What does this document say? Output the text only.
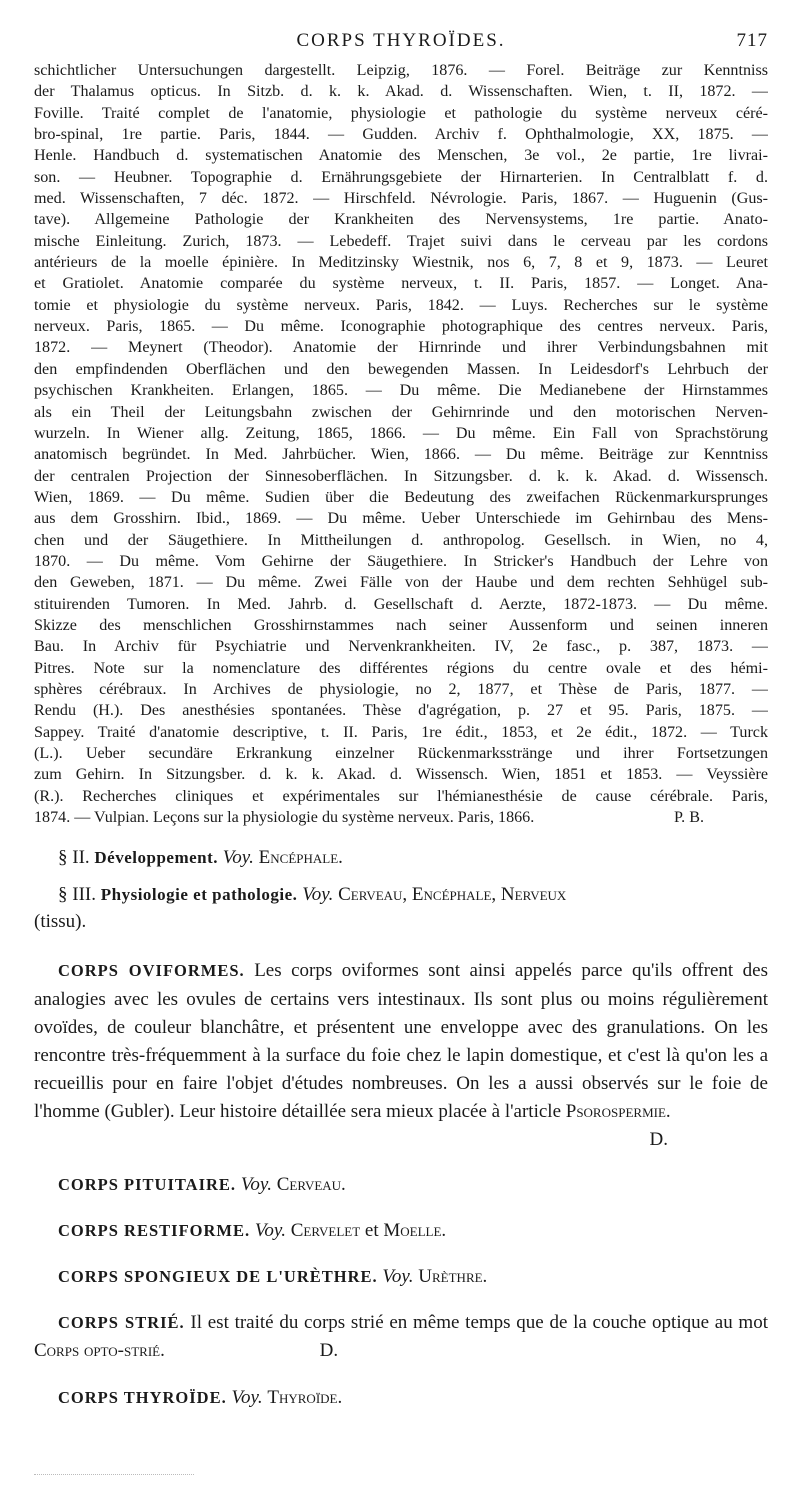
CORPS THYROÏDES.	717
schichtlicher Untersuchungen dargestellt. Leipzig, 1876. — Forel. Beiträge zur Kenntniss
der Thalamus opticus. In Sitzb. d. k. k. Akad. d. Wissenschaften. Wien, t. II, 1872. —
Foville. Traité complet de l'anatomie, physiologie et pathologie du système nerveux céré-
bro-spinal, 1re partie. Paris, 1844. — Gudden. Archiv f. Ophthalmologie, XX, 1875. —
Henle. Handbuch d. systematischen Anatomie des Menschen, 3e vol., 2e partie, 1re livrai-
son. — Heubner. Topographie d. Ernährungsgebiete der Hirnarterien. In Centralblatt f. d.
med. Wissenschaften, 7 déc. 1872. — Hirschfeld. Névrologie. Paris, 1867. — Huguenin (Gus-
tave). Allgemeine Pathologie der Krankheiten des Nervensystems, 1re partie. Anato-
mische Einleitung. Zurich, 1873. — Lebedeff. Trajet suivi dans le cerveau par les cordons
antérieurs de la moelle épinière. In Meditzinsky Wiestnik, nos 6, 7, 8 et 9, 1873. — Leuret
et Gratiolet. Anatomie comparée du système nerveux, t. II. Paris, 1857. — Longet. Ana-
tomie et physiologie du système nerveux. Paris, 1842. — Luys. Recherches sur le système
nerveux. Paris, 1865. — Du même. Iconographie photographique des centres nerveux. Paris,
1872. — Meynert (Theodor). Anatomie der Hirnrinde und ihrer Verbindungsbahnen mit
den empfindenden Oberflächen und den bewegenden Massen. In Leidesdorf's Lehrbuch der
psychischen Krankheiten. Erlangen, 1865. — Du même. Die Medianebene der Hirnstammes
als ein Theil der Leitungsbahn zwischen der Gehirnrinde und den motorischen Nerven-
wurzeln. In Wiener allg. Zeitung, 1865, 1866. — Du même. Ein Fall von Sprachstörung
anatomisch begründet. In Med. Jahrbücher. Wien, 1866. — Du même. Beiträge zur Kenntniss
der centralen Projection der Sinnesoberflächen. In Sitzungsber. d. k. k. Akad. d. Wissensch.
Wien, 1869. — Du même. Sudien über die Bedeutung des zweifachen Rückenmarkursprunges
aus dem Grosshirn. Ibid., 1869. — Du même. Ueber Unterschiede im Gehirnbau des Mens-
chen und der Säugethiere. In Mittheilungen d. anthropolog. Gesellsch. in Wien, no 4,
1870. — Du même. Vom Gehirne der Säugethiere. In Stricker's Handbuch der Lehre von
den Geweben, 1871. — Du même. Zwei Fälle von der Haube und dem rechten Sehhügel sub-
stituirenden Tumoren. In Med. Jahrb. d. Gesellschaft d. Aerzte, 1872-1873. — Du même.
Skizze des menschlichen Grosshirnstammes nach seiner Aussenform und seinen inneren
Bau. In Archiv für Psychiatrie und Nervenkrankheiten. IV, 2e fasc., p. 387, 1873. —
Pitres. Note sur la nomenclature des différentes régions du centre ovale et des hémi-
sphères cérébraux. In Archives de physiologie, no 2, 1877, et Thèse de Paris, 1877. —
Rendu (H.). Des anesthésies spontanées. Thèse d'agrégation, p. 27 et 95. Paris, 1875. —
Sappey. Traité d'anatomie descriptive, t. II. Paris, 1re édit., 1853, et 2e édit., 1872. — Turck
(L.). Ueber secundäre Erkrankung einzelner Rückenmarksstränge und ihrer Fortsetzungen
zum Gehirn. In Sitzungsber. d. k. k. Akad. d. Wissensch. Wien, 1851 et 1853. — Veyssière
(R.). Recherches cliniques et expérimentales sur l'hémianesthésie de cause cérébrale. Paris,
1874. — Vulpian. Leçons sur la physiologie du système nerveux. Paris, 1866.	P. B.
§ II. Développement. Voy. Encéphale.
§ III. Physiologie et pathologie. Voy. Cerveau, Encéphale, Nerveux
(tissu).
CORPS OVIFORMES. Les corps oviformes sont ainsi appelés parce qu'ils offrent des analogies avec les ovules de certains vers intestinaux. Ils sont plus ou moins régulièrement ovoïdes, de couleur blanchâtre, et présentent une enveloppe avec des granulations. On les rencontre très-fréquemment à la surface du foie chez le lapin domestique, et c'est là qu'on les a recueillis pour en faire l'objet d'études nombreuses. On les a aussi observés sur le foie de l'homme (Gubler). Leur histoire détaillée sera mieux placée à l'article Psorospermie.
D.
CORPS PITUITAIRE. Voy. Cerveau.
CORPS RESTIFORME. Voy. Cervelet et Moelle.
CORPS SPONGIEUX DE L'URÈTHRE. Voy. Urèthre.
CORPS STRIÉ. Il est traité du corps strié en même temps que de la couche optique au mot Corps opto-strié.	D.
CORPS THYROÏDE. Voy. Thyroïde.
